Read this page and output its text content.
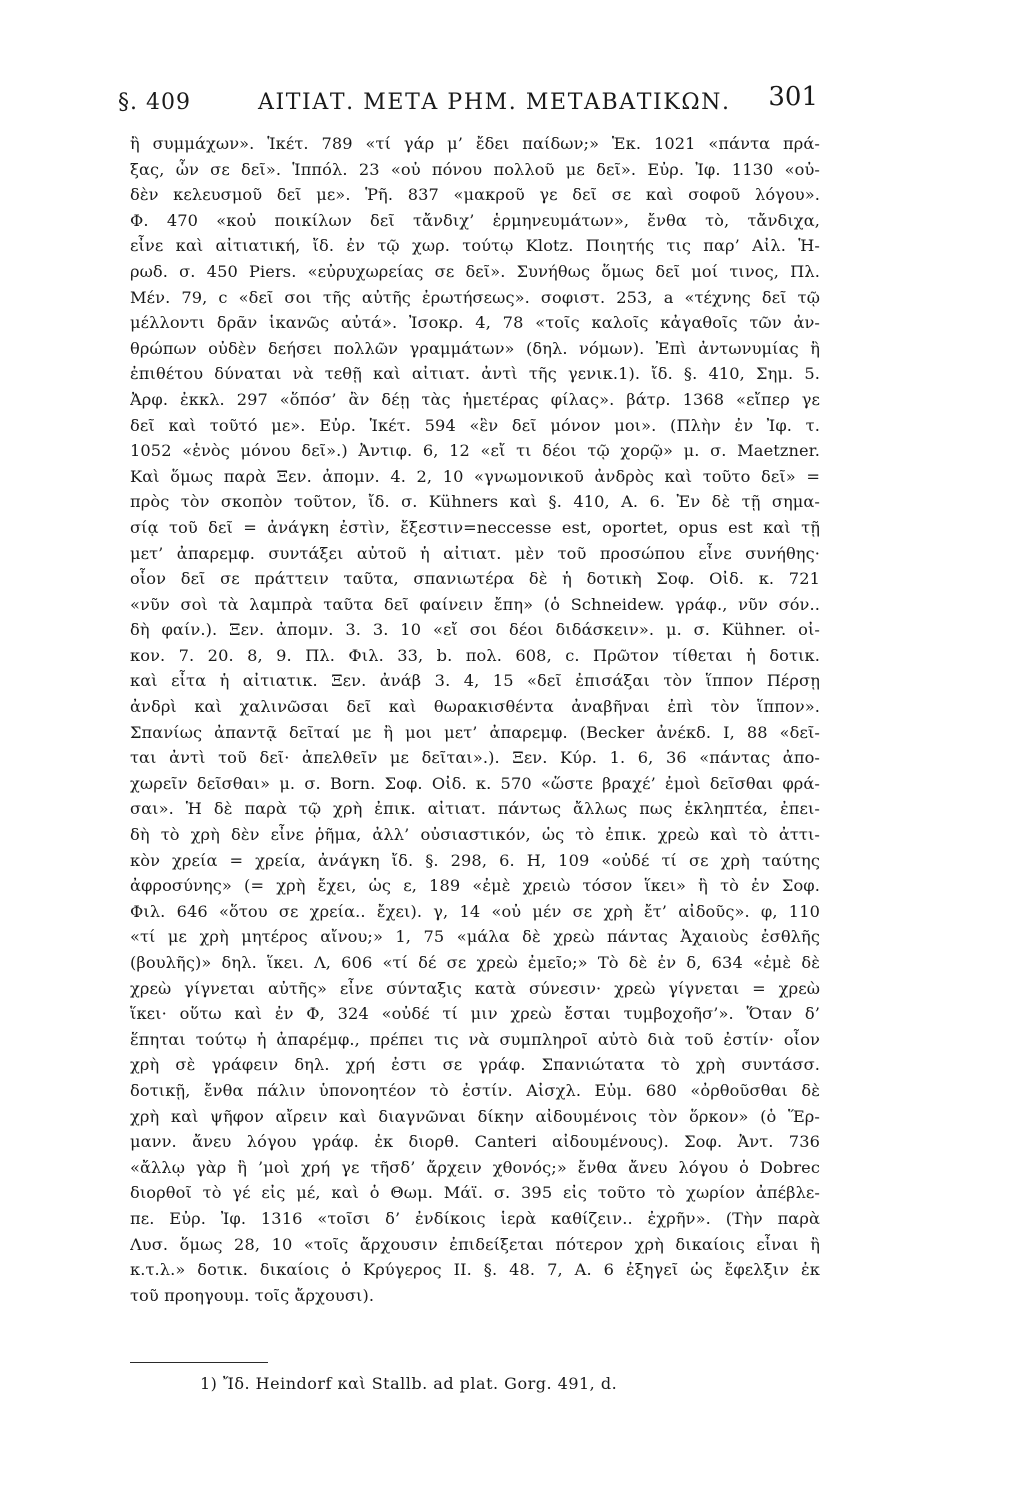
§. 409	ΑΙΤΙΑΤ. ΜΕΤΑ ΡΗΜ. ΜΕΤΑΒΑΤΙΚΩΝ. 301
ἢ συμμάχων». Ἱκέτ. 789 «τί γάρ μ’ ἔδει παίδων;» Ἑκ. 1021 «πάντα πρά-
ξας, ὧν σε δεῖ». Ἱππόλ. 23 «οὐ πόνου πολλοῦ με δεῖ». Εὐρ. Ἰφ. 1130 «οὐ-
δὲν κελευσμοῦ δεῖ με». Ῥῆ. 837 «μακροῦ γε δεῖ σε καὶ σοφοῦ λόγου».
Φ. 470 «κοὐ ποικίλων δεῖ τἄνδιχ’ ἑρμηνευμάτων», ἔνθα τὸ, τἄνδιχα,
εἶνε καὶ αἰτιατική, ἴδ. ἐν τῷ χωρ. τούτῳ Klotz. Ποιητής τις παρ’ Αἰλ. Ἡ-
ρωδ. σ. 450 Piers. «εὐρυχωρείας σε δεῖ». Συνήθως ὅμως δεῖ μοί τινος, Πλ.
Μέν. 79, c «δεῖ σοι τῆς αὐτῆς ἐρωτήσεως». σοφιστ. 253, a «τέχνης δεῖ τῷ
μέλλοντι δρᾶν ἱκανῶς αὐτά». Ἰσοκρ. 4, 78 «τοῖς καλοῖς κἀγαθοῖς τῶν ἀν-
θρώπων οὐδὲν δεήσει πολλῶν γραμμάτων» (δηλ. νόμων). Ἐπὶ ἀντωνυμίας ἢ
ἐπιθέτου δύναται νὰ τεθῇ καὶ αἰτιατ. ἀντὶ τῆς γενικ.1). ἴδ. §. 410, Σημ. 5.
Ἀρφ. ἐκκλ. 297 «ὅπόσ’ ἂν δέῃ τὰς ἡμετέρας φίλας». βάτρ. 1368 «εἴπερ γε
δεῖ καὶ τοῦτό με». Εὐρ. Ἱκέτ. 594 «ἓν δεῖ μόνον μοι». (Πλὴν ἐν Ἰφ. τ.
1052 «ἑνὸς μόνου δεῖ».) Ἀντιφ. 6, 12 «εἴ τι δέοι τῷ χορῷ» μ. σ. Maetzner.
Καὶ ὅμως παρὰ Ξεν. ἀπομν. 4. 2, 10 «γνωμονικοῦ ἀνδρὸς καὶ τοῦτο δεῖ» =
πρὸς τὸν σκοπὸν τοῦτον, ἴδ. σ. Kühners καὶ §. 410, Α. 6. Ἐν δὲ τῇ σημα-
σίᾳ τοῦ δεῖ = ἀνάγκη ἐστὶν, ἔξεστιν=neccesse est, oportet, opus est καὶ τῇ
μετ’ ἀπαρεμφ. συντάξει αὐτοῦ ἡ αἰτιατ. μὲν τοῦ προσώπου εἶνε συνήθης·
οἷον δεῖ σε πράττειν ταῦτα, σπανιωτέρα δὲ ἡ δοτικὴ Σοφ. Οἰδ. κ. 721
«νῦν σοὶ τὰ λαμπρὰ ταῦτα δεῖ φαίνειν ἔπη» (ὁ Schneidew. γράφ., νῦν σόν..
δὴ φαίν.). Ξεν. ἀπομν. 3. 3. 10 «εἴ σοι δέοι διδάσκειν». μ. σ. Kühner. οἰ-
κον. 7. 20. 8, 9. Πλ. Φιλ. 33, b. πολ. 608, c. Πρῶτον τίθεται ἡ δοτικ.
καὶ εἶτα ἡ αἰτιατικ. Ξεν. ἀνάβ 3. 4, 15 «δεῖ ἐπισάξαι τὸν ἵππον Πέρσῃ
ἀνδρὶ καὶ χαλινῶσαι δεῖ καὶ θωρακισθέντα ἀναβῆναι ἐπὶ τὸν ἵππον».
Σπανίως ἀπαντᾷ δεῖταί με ἢ μοι μετ’ ἀπαρεμφ. (Becker ἀνέκδ. I, 88 «δεῖ-
ται ἀντὶ τοῦ δεῖ· ἀπελθεῖν με δεῖται».). Ξεν. Κύρ. 1. 6, 36 «πάντας ἀπο-
χωρεῖν δεῖσθαι» μ. σ. Born. Σοφ. Οἰδ. κ. 570 «ὥστε βραχέ’ ἐμοὶ δεῖσθαι φρά-
σαι». Ἡ δὲ παρὰ τῷ χρὴ ἐπικ. αἰτιατ. πάντως ἄλλως πως ἐκληπτέα, ἐπει-
δὴ τὸ χρὴ δὲν εἶνε ῥῆμα, ἀλλ’ οὐσιαστικόν, ὡς τὸ ἐπικ. χρεὼ καὶ τὸ ἀττι-
κὸν χρεία = χρεία, ἀνάγκη ἴδ. §. 298, 6. Η, 109 «οὐδέ τί σε χρὴ ταύτης
ἀφροσύνης» (= χρὴ ἔχει, ὡς ε, 189 «ἐμὲ χρειὼ τόσον ἵκει» ἢ τὸ ἐν Σοφ.
Φιλ. 646 «ὅτου σε χρεία.. ἔχει). γ, 14 «οὐ μέν σε χρὴ ἔτ’ αἰδοῦς». φ, 110
«τί με χρὴ μητέρος αἴνου;» 1, 75 «μάλα δὲ χρεὼ πάντας Ἀχαιοὺς ἐσθλῆς
(βουλῆς)» δηλ. ἵκει. Λ, 606 «τί δέ σε χρεὼ ἐμεῖο;» Τὸ δὲ ἐν δ, 634 «ἐμὲ δὲ
χρεὼ γίγνεται αὐτῆς» εἶνε σύνταξις κατὰ σύνεσιν· χρεὼ γίγνεται = χρεὼ
ἵκει· οὕτω καὶ ἐν Φ, 324 «οὐδέ τί μιν χρεὼ ἔσται τυμβοχοῆσ’». Ὅταν δ’
ἕπηται τούτῳ ἡ ἀπαρέμφ., πρέπει τις νὰ συμπληροῖ αὐτὸ διὰ τοῦ ἐστίν· οἷον
χρὴ σὲ γράφειν δηλ. χρή ἐστι σε γράφ. Σπανιώτατα τὸ χρὴ συντάσσ.
δοτικῇ, ἔνθα πάλιν ὑπονοητέον τὸ ἐστίν. Αἰσχλ. Εὐμ. 680 «ὀρθοῦσθαι δὲ
χρὴ καὶ ψῆφον αἴρειν καὶ διαγνῶναι δίκην αἰδουμένοις τὸν ὅρκον» (ὁ Ἕρ-
μανν. ἄνευ λόγου γράφ. ἐκ διορθ. Canteri αἰδουμένους). Σοφ. Ἀντ. 736
«ἄλλῳ γὰρ ἢ ’μοὶ χρή γε τῆσδ’ ἄρχειν χθονός;» ἔνθα ἄνευ λόγου ὁ Dobrec
διορθοῖ τὸ γέ εἰς μέ, καὶ ὁ Θωμ. Μάϊ. σ. 395 εἰς τοῦτο τὸ χωρίον ἀπέβλε-
πε. Εὐρ. Ἰφ. 1316 «τοῖσι δ’ ἐνδίκοις ἱερὰ καθίζειν.. ἐχρῆν». (Τὴν παρὰ
Λυσ. ὅμως 28, 10 «τοῖς ἄρχουσιν ἐπιδείξεται πότερον χρὴ δικαίοις εἶναι ἢ
κ.τ.λ.» δοτικ. δικαίοις ὁ Κρύγερος II. §. 48. 7, Α. 6 ἐξηγεῖ ὡς ἔφελξιν ἐκ
τοῦ προηγουμ. τοῖς ἄρχουσι).
1) Ἴδ. Heindorf καὶ Stallb. ad plat. Gorg. 491, d.
